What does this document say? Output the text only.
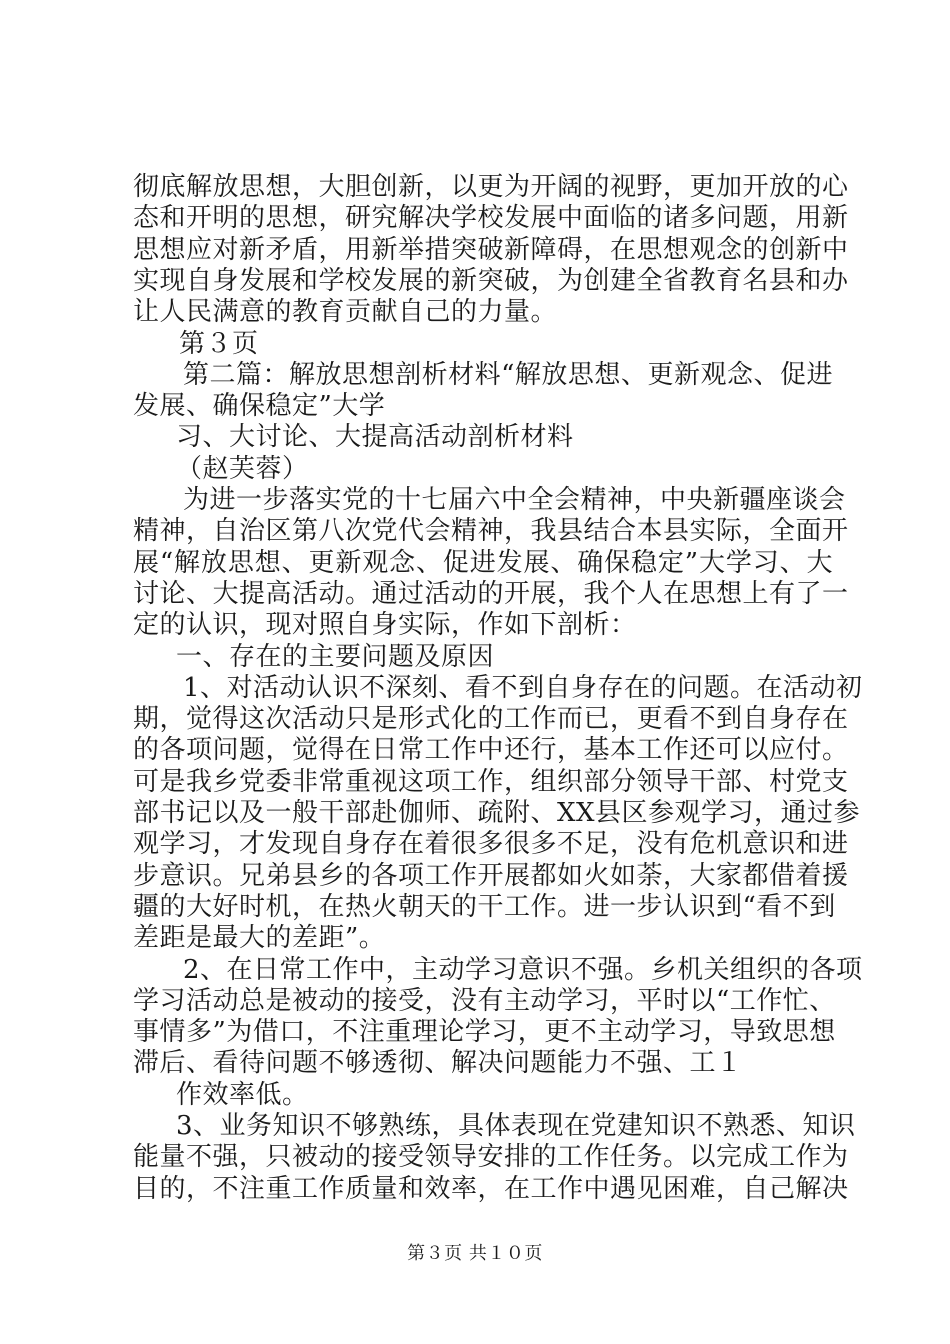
彻底解放思想，大胆创新，以更为开阔的视野，更加开放的心
态和开明的思想，研究解决学校发展中面临的诸多问题，用新
思想应对新矛盾，用新举措突破新障碍，在思想观念的创新中
实现自身发展和学校发展的新突破，为创建全省教育名县和办
让人民满意的教育贡献自己的力量。
第３页
第二篇：解放思想剖析材料“解放思想、更新观念、促进
发展、确保稳定”大学
习、大讨论、大提高活动剖析材料
（赵芙蓉）
为进一步落实党的十七届六中全会精神，中央新疆座谈会
精神，自治区第八次党代会精神，我县结合本县实际，全面开
展“解放思想、更新观念、促进发展、确保稳定”大学习、大
讨论、大提高活动。通过活动的开展，我个人在思想上有了一
定的认识，现对照自身实际，作如下剖析：
一、存在的主要问题及原因
1、对活动认识不深刻、看不到自身存在的问题。在活动初
期，觉得这次活动只是形式化的工作而已，更看不到自身存在
的各项问题，觉得在日常工作中还行，基本工作还可以应付。
可是我乡党委非常重视这项工作，组织部分领导干部、村党支
部书记以及一般干部赴伽师、疏附、XX县区参观学习，通过参
观学习，才发现自身存在着很多很多不足，没有危机意识和进
步意识。兄弟县乡的各项工作开展都如火如荼，大家都借着援
疆的大好时机，在热火朝天的干工作。进一步认识到“看不到
差距是最大的差距”。
2、在日常工作中，主动学习意识不强。乡机关组织的各项
学习活动总是被动的接受，没有主动学习，平时以“工作忙、
事情多”为借口，不注重理论学习，更不主动学习，导致思想
滞后、看待问题不够透彻、解决问题能力不强、工１
作效率低。
3、业务知识不够熟练，具体表现在党建知识不熟悉、知识
能量不强，只被动的接受领导安排的工作任务。以完成工作为
目的，不注重工作质量和效率，在工作中遇见困难，自己解决
第３页 共１０页
